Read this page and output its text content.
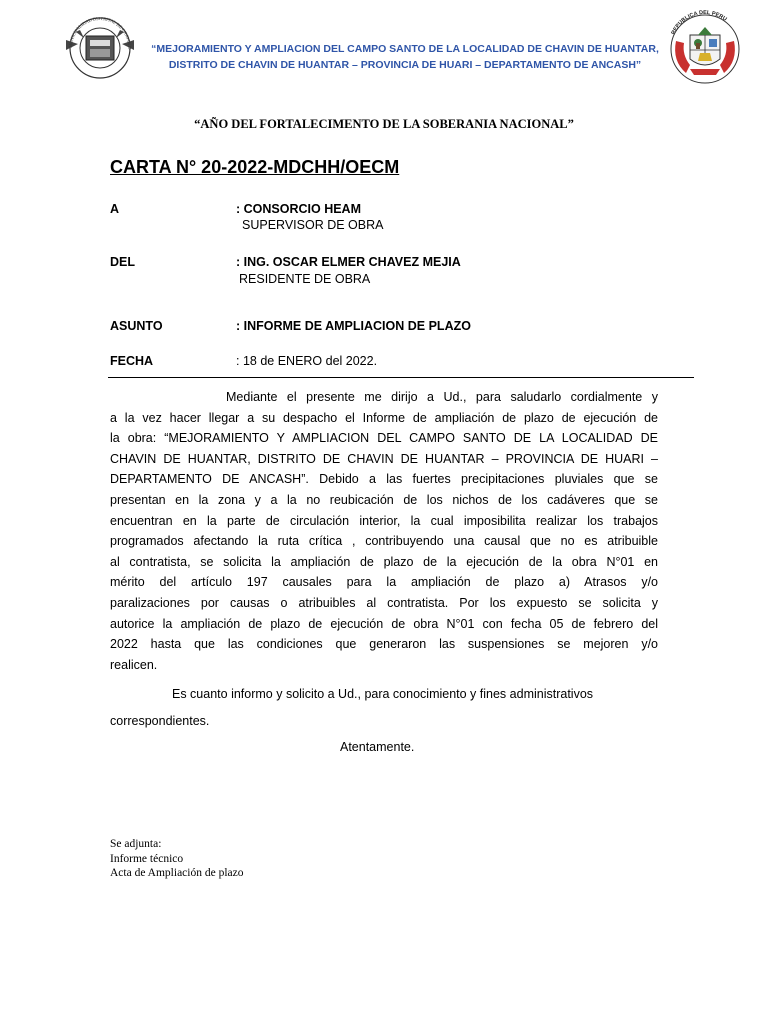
MUNICIPALIDAD DISTRITAL DE CHAVIN D “MEJORAMIENTO Y AMPLIACION DEL CAMPO SANTO DE LA LOCALIDAD DE CHAVIN DE HUANTAR,
DISTRITO DE CHAVIN DE HUANTAR – PROVINCIA DE HUARI – DEPARTAMENTO DE ANCASH”
REPUBLICA DEL PERU
“AÑO DEL FORTALECIMENTO DE LA SOBERANIA NACIONAL”
CARTA N° 20-2022-MDCHH/OECM
A	: CONSORCIO HEAM
SUPERVISOR DE OBRA
DEL	: ING. OSCAR ELMER CHAVEZ MEJIA
RESIDENTE DE OBRA
ASUNTO	: INFORME DE AMPLIACION DE PLAZO
FECHA	: 18 de ENERO del 2022.
Mediante el presente me dirijo a Ud., para saludarlo cordialmente y
a la vez hacer llegar a su despacho el Informe de ampliación de plazo de ejecución de
la obra: “MEJORAMIENTO Y AMPLIACION DEL CAMPO SANTO DE LA LOCALIDAD DE
CHAVIN DE HUANTAR, DISTRITO DE CHAVIN DE HUANTAR – PROVINCIA DE HUARI –
DEPARTAMENTO DE ANCASH”. Debido a las fuertes precipitaciones pluviales que se
presentan en la zona y a la no reubicación de los nichos de los cadáveres que se
encuentran en la parte de circulación interior, la cual imposibilita realizar los trabajos
programados afectando la ruta crítica , contribuyendo una causal que no es atribuible
al contratista, se solicita la ampliación de plazo de la ejecución de la obra N°01 en
mérito del artículo 197 causales para la ampliación de plazo a) Atrasos y/o
paralizaciones por causas o atribuibles al contratista. Por los expuesto se solicita y
autorice la ampliación de plazo de ejecución de obra N°01 con fecha 05 de febrero del
2022 hasta que las condiciones que generaron las suspensiones se mejoren y/o
realicen.
Es cuanto informo y solicito a Ud., para conocimiento y fines administrativos
correspondientes.
Atentamente.
Se adjunta:
Informe técnico
Acta de Ampliación de plazo
